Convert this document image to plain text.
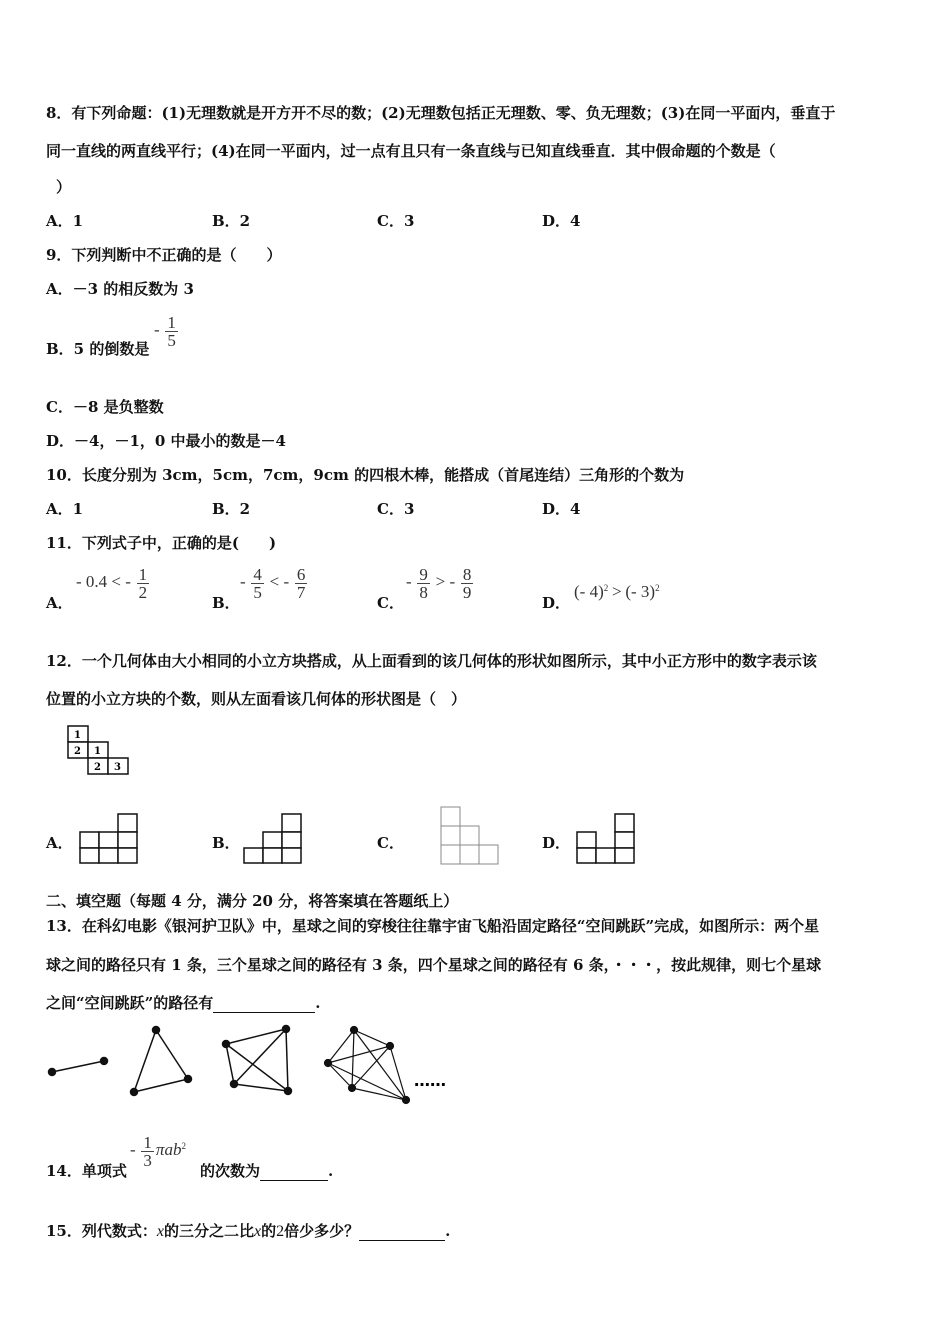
8．有下列命题：(1)无理数就是开方开不尽的数；(2)无理数包括正无理数、零、负无理数；(3)在同一平面内，垂直于
同一直线的两直线平行；(4)在同一平面内，过一点有且只有一条直线与已知直线垂直．其中假命题的个数是（
）
A．1	B．2	C．3	D．4
9．下列判断中不正确的是（　　）
A．－3 的相反数为 3
B．5 的倒数是
- $\frac{1}{5}$
C．－8 是负整数
D．－4，－1，0 中最小的数是－4
10．长度分别为 3cm，5cm，7cm，9cm 的四根木棒，能搭成（首尾连结）三角形的个数为
A．1	B．2	C．3	D．4
11．下列式子中，正确的是(　　)
A．
- 0.4 < - $\frac{1}{2}$
B．
- $\frac{4}{5}$ < - $\frac{6}{7}$
C．
- $\frac{9}{8}$ > - $\frac{8}{9}$
D．
(- 4)$^2$ > (- 3)$^2$
12．一个几何体由大小相同的小立方块搭成，从上面看到的该几何体的形状如图所示，其中小正方形中的数字表示该
位置的小立方块的个数，则从左面看该几何体的形状图是（　）
1
2 1
2 3
A．	B．	C．	D．
二、填空题（每题 4 分，满分 20 分，将答案填在答题纸上）
13．在科幻电影《银河护卫队》中，星球之间的穿梭往往靠宇宙飞船沿固定路径“空间跳跃”完成，如图所示：两个星
球之间的路径只有 1 条，三个星球之间的路径有 3 条，四个星球之间的路径有 6 条，・・・，按此规律，则七个星球
之间“空间跳跃”的路径有	.
……
14．单项式
- $\frac{1}{3} \pi ab^2$
的次数为	.
15．列代数式：x的三分之二比x的2倍少多少？	.
